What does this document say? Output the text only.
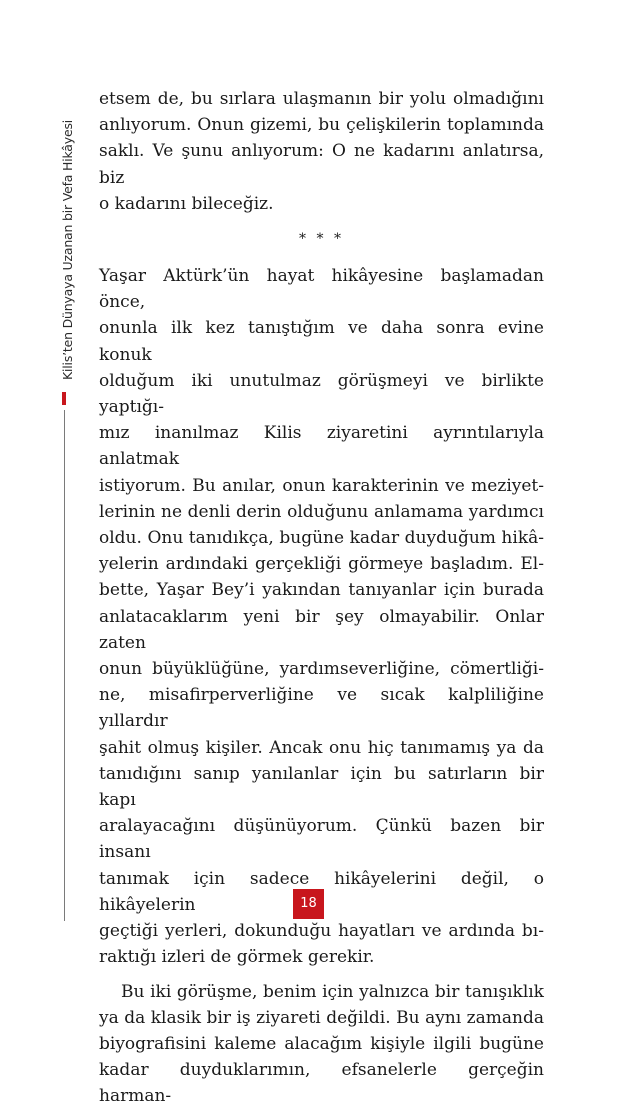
Kilis’ten Dünyaya Uzanan bir Vefa Hikâyesi

etsem de, bu sırlara ulaşmanın bir yolu olmadığını

anlıyorum. Onun gizemi, bu çelişkilerin toplamında

saklı. Ve şunu anlıyorum: O ne kadarını anlatırsa, biz

o kadarını bileceğiz.

* * *

Yaşar Aktürk’ün hayat hikâyesine başlamadan önce,

onunla ilk kez tanıştığım ve daha sonra evine konuk

olduğum iki unutulmaz görüşmeyi ve birlikte yaptığı-

mız inanılmaz Kilis ziyaretini ayrıntılarıyla anlatmak

istiyorum. Bu anılar, onun karakterinin ve meziyet-

lerinin ne denli derin olduğunu anlamama yardımcı

oldu. Onu tanıdıkça, bugüne kadar duyduğum hikâ-

yelerin ardındaki gerçekliği görmeye başladım. El-

bette, Yaşar Bey’i yakından tanıyanlar için burada

anlatacaklarım yeni bir şey olmayabilir. Onlar zaten

onun büyüklüğüne, yardımseverliğine, cömertliği-

ne, misafirperverliğine ve sıcak kalpliliğine yıllardır

şahit olmuş kişiler. Ancak onu hiç tanımamış ya da

tanıdığını sanıp yanılanlar için bu satırların bir kapı

aralayacağını düşünüyorum. Çünkü bazen bir insanı

tanımak için sadece hikâyelerini değil, o hikâyelerin

geçtiği yerleri, dokunduğu hayatları ve ardında bı-

raktığı izleri de görmek gerekir.

Bu iki görüşme, benim için yalnızca bir tanışıklık

ya da klasik bir iş ziyareti değildi. Bu aynı zamanda

biyografisini kaleme alacağım kişiyle ilgili bugüne

kadar duyduklarımın, efsanelerle gerçeğin harman-

18
